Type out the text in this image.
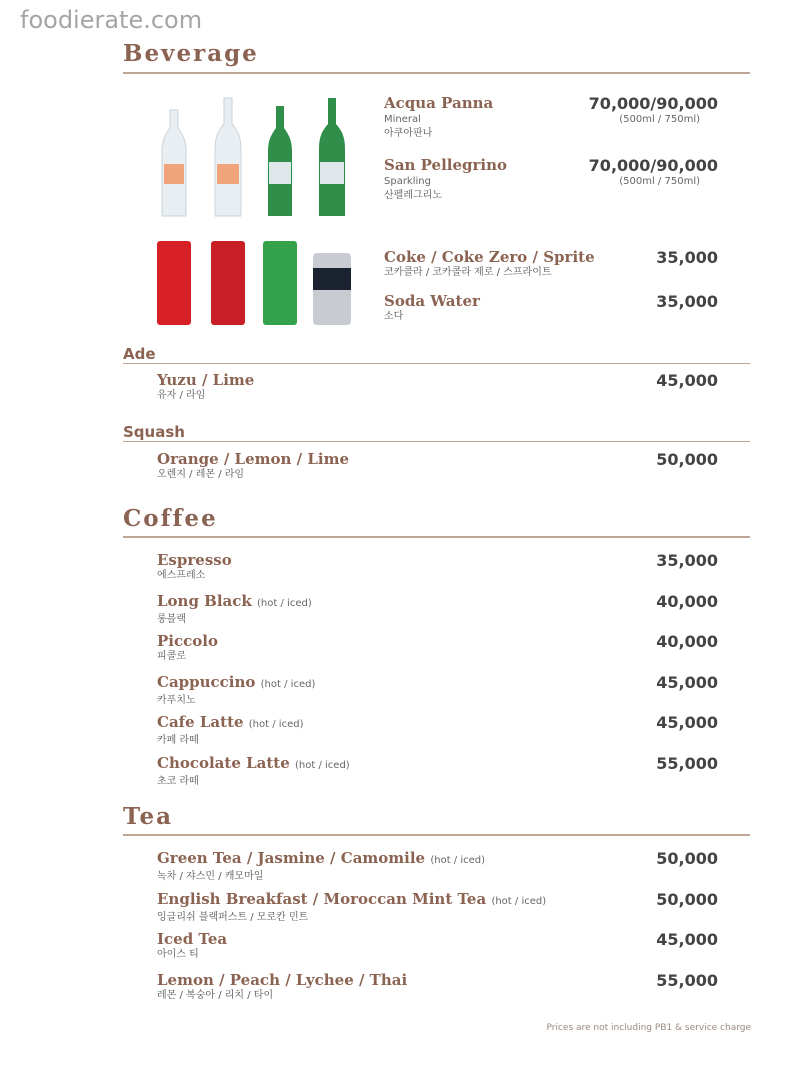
foodierate.com
Beverage
Ade
Squash
Coffee
Tea
Acqua Panna
Mineral
아쿠아판나
70,000/90,000
(500ml / 750ml)
San Pellegrino
Sparkling
산펠레그리노
70,000/90,000
(500ml / 750ml)
Coke / Coke Zero / Sprite
코카콜라 / 코카콜라 제로 / 스프라이트
35,000
Soda Water
소다
35,000
Yuzu / Lime
유자 / 라임
45,000
Orange / Lemon / Lime
오렌지 / 레몬 / 라임
50,000
Espresso
에스프레소
35,000
Long Black (hot / iced)
롱블랙
40,000
Piccolo
피콜로
40,000
Cappuccino (hot / iced)
카푸치노
45,000
Cafe Latte (hot / iced)
카페 라떼
45,000
Chocolate Latte (hot / iced)
초코 라떼
55,000
Green Tea / Jasmine / Camomile (hot / iced)
녹차 / 쟈스민 / 캐모마일
50,000
English Breakfast / Moroccan Mint Tea (hot / iced)
잉글리쉬 블랙퍼스트 / 모로칸 민트
50,000
Iced Tea
아이스 티
45,000
Lemon / Peach / Lychee / Thai
레몬 / 복숭아 / 리치 / 타이
55,000
Prices are not including PB1 & service charge
